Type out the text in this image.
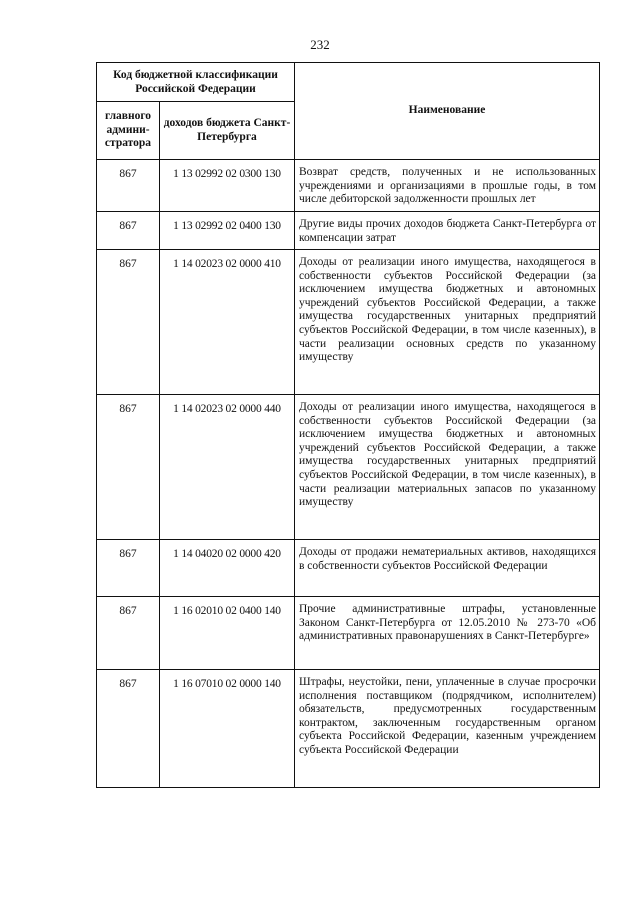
232
Код бюджетной классификации Российской Федерации		Наименование
главного админи-стратора	доходов бюджета Санкт-Петербурга	
867	1 13 02992 02 0300 130	Возврат средств, полученных и не использованных учреждениями и организациями в прошлые годы, в том числе дебиторской задолженности прошлых лет
867	1 13 02992 02 0400 130	Другие виды прочих доходов бюджета Санкт-Петербурга от компенсации затрат
867	1 14 02023 02 0000 410	Доходы от реализации иного имущества, находящегося в собственности субъектов Российской Федерации (за исключением имущества бюджетных и автономных учреждений субъектов Российской Федерации, а также имущества государственных унитарных предприятий субъектов Российской Федерации, в том числе казенных), в части реализации основных средств по указанному имуществу
867	1 14 02023 02 0000 440	Доходы от реализации иного имущества, находящегося в собственности субъектов Российской Федерации (за исключением имущества бюджетных и автономных учреждений субъектов Российской Федерации, а также имущества государственных унитарных предприятий субъектов Российской Федерации, в том числе казенных), в части реализации материальных запасов по указанному имуществу
867	1 14 04020 02 0000 420	Доходы от продажи нематериальных активов, находящихся в собственности субъектов Российской Федерации
867	1 16 02010 02 0400 140	Прочие административные штрафы, установленные Законом Санкт-Петербурга от 12.05.2010 № 273-70 «Об административных правонарушениях в Санкт-Петербурге»
867	1 16 07010 02 0000 140	Штрафы, неустойки, пени, уплаченные в случае просрочки исполнения поставщиком (подрядчиком, исполнителем) обязательств, предусмотренных государственным контрактом, заключенным государственным органом субъекта Российской Федерации, казенным учреждением субъекта Российской Федерации
